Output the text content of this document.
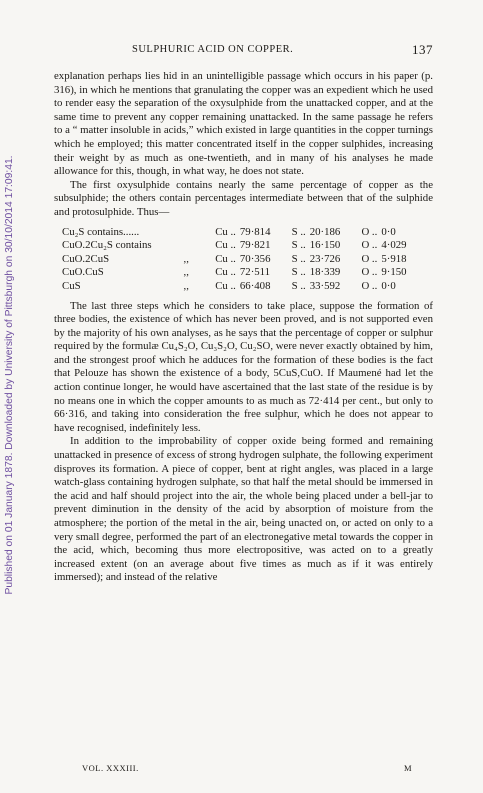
Published on 01 January 1878. Downloaded by University of Pittsburgh on 30/10/2014 17:09:41.
SULPHURIC ACID ON COPPER.	137

explanation perhaps lies hid in an unintelligible passage which occurs in his paper (p. 316), in which he mentions that granulating the copper was an expedient which he used to render easy the separation of the oxysulphide from the unattacked copper, and at the same time to prevent any copper remaining unattacked. In the same passage he refers to a “ matter insoluble in acids,” which existed in large quantities in the copper turnings which he employed; this matter concentrated itself in the copper sulphides, increasing their weight by as much as one-twentieth, and in many of his analyses he made allowance for this, though, in what way, he does not state.

The first oxysulphide contains nearly the same percentage of copper as the subsulphide; the others contain percentages intermediate between that of the sulphide and protosulphide. Thus—

Cu₂S contains......		Cu ..	79·814	S ..	20·186	O ..	0·0
CuO.2Cu₂S contains		Cu ..	79·821	S ..	16·150	O ..	4·029
CuO.2CuS	,,	Cu ..	70·356	S ..	23·726	O ..	5·918
CuO.CuS	,,	Cu ..	72·511	S ..	18·339	O ..	9·150
CuS	,,	Cu ..	66·408	S ..	33·592	O ..	0·0

The last three steps which he considers to take place, suppose the formation of three bodies, the existence of which has never been proved, and is not supported even by the majority of his own analyses, as he says that the percentage of copper or sulphur required by the formulæ Cu₄S₂O, Cu₃S₂O, Cu₂SO, were never exactly obtained by him, and the strongest proof which he adduces for the formation of these bodies is the fact that Pelouze has shown the existence of a body, 5CuS,CuO. If Maumené had let the action continue longer, he would have ascertained that the last state of the residue is by no means one in which the copper amounts to as much as 72·414 per cent., but only to 66·316, and taking into consideration the free sulphur, which he does not appear to have recognised, indefinitely less.

In addition to the improbability of copper oxide being formed and remaining unattacked in presence of excess of strong hydrogen sulphate, the following experiment disproves its formation. A piece of copper, bent at right angles, was placed in a large watch-glass containing hydrogen sulphate, so that half the metal should be immersed in the acid and half should project into the air, the whole being placed under a bell-jar to prevent diminution in the density of the acid by absorption of moisture from the atmosphere; the portion of the metal in the air, being unacted on, or acted on only to a very small degree, performed the part of an electronegative metal towards the copper in the acid, which, becoming thus more electropositive, was acted on to a greatly increased extent (on an average about five times as much as if it was entirely immersed); and instead of the relative

VOL. XXXIII.	M
